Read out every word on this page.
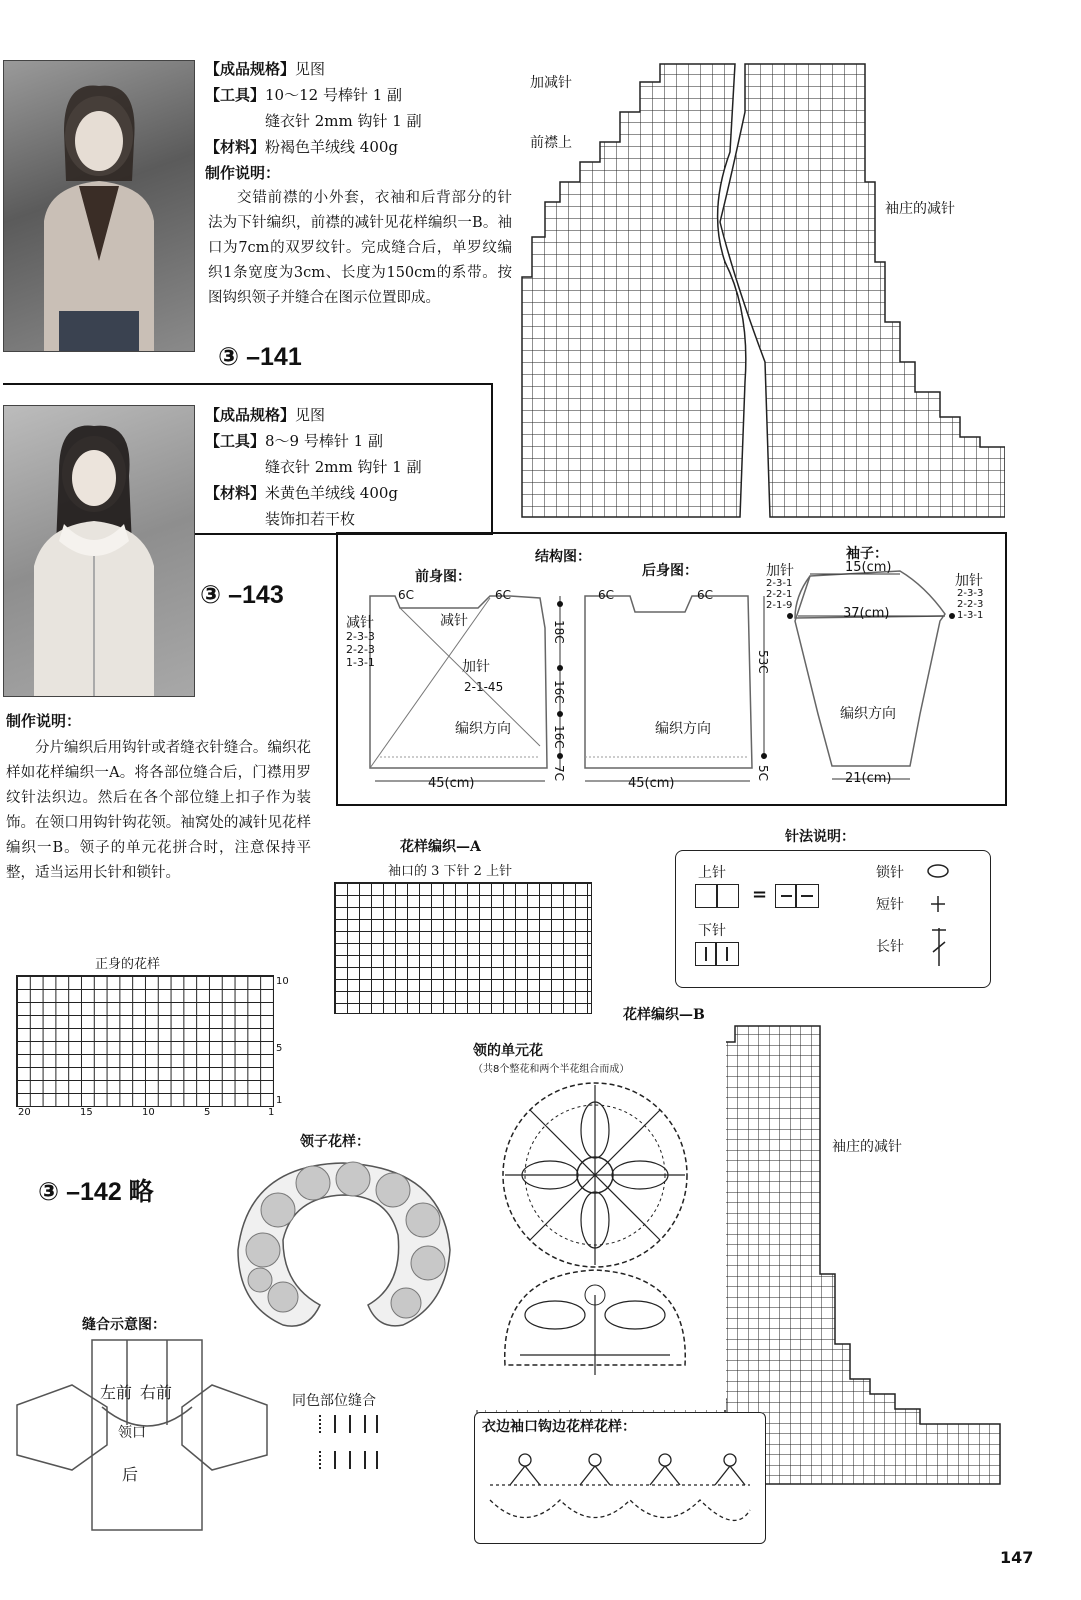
【成品规格】见图
【工具】10～12 号棒针 1 副
缝衣针 2mm 钩针 1 副
【材料】粉褐色羊绒线 400g
制作说明：
交错前襟的小外套，衣袖和后背部分的针法为下针编织，前襟的减针见花样编织一B。袖口为7cm的双罗纹针。完成缝合后，单罗纹编织1条宽度为3cm、长度为150cm的系带。按图钩织领子并缝合在图示位置即成。
③ –141
【成品规格】见图
【工具】8～9 号棒针 1 副
缝衣针 2mm 钩针 1 副
【材料】米黄色羊绒线 400g
装饰扣若干枚
③ –143
制作说明：
分片编织后用钩针或者缝衣针缝合。编织花样如花样编织一A。将各部位缝合后，门襟用罗纹针法织边。然后在各个部位缝上扣子作为装饰。在领口用钩针钩花领。袖窝处的减针见花样编织一B。领子的单元花拼合时，注意保持平整，适当运用长针和锁针。
加减针
前襟上
袖庄的减针
结构图：
前身图：	后身图：
袖子：
6C	6C	6C	6C
减针
减针
2-3-3
2-2-3
1-3-1	加针
2-1-45
编织方向	编织方向
编织方向
45(cm)	45(cm)
18C
16C
16C
7C
53C
5C
15(cm)
37(cm)
21(cm)
加针
加针
2-3-1
2-2-1
2-1-9
2-3-3
2-2-3
1-3-1
花样编织—A
袖口的 3 下针 2 上针
针法说明：
上针
=
下针
锁针
短针
长针
正身的花样
10
5
1
20	15	10	5	1
③ –142 略
花样编织—B
袖庄的减针
领的单元花
（共8个整花和两个半花组合而成）
衣边袖口钩边花样花样：
领子花样：
缝合示意图：
左前 右前
领口
后
同色部位缝合
147
